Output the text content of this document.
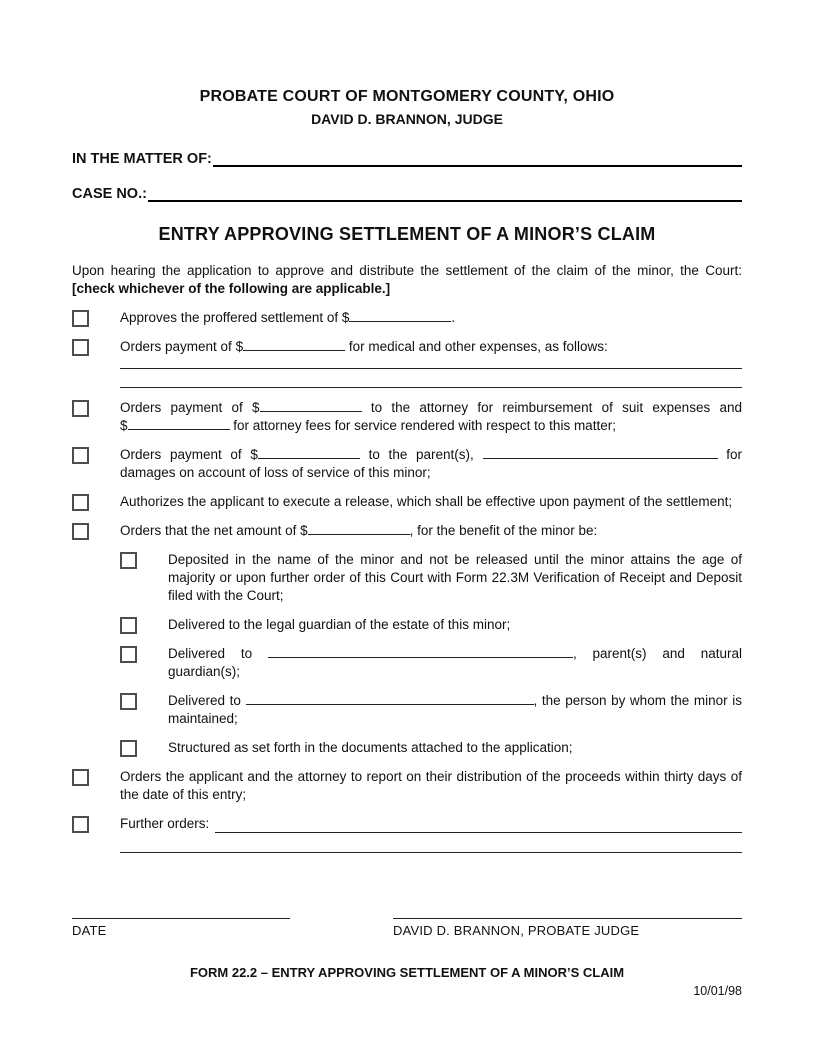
PROBATE COURT OF MONTGOMERY COUNTY, OHIO
DAVID D. BRANNON, JUDGE
IN THE MATTER OF:
CASE NO.:
ENTRY APPROVING SETTLEMENT OF A MINOR’S CLAIM

Upon hearing the application to approve and distribute the settlement of the claim of the minor, the Court: [check whichever of the following are applicable.]

Approves the proffered settlement of $	.
Orders payment of $	for medical and other expenses, as follows:
Orders payment of $	to the attorney for reimbursement of suit expenses and $	for attorney fees for service rendered with respect to this matter;
Orders payment of $	to the parent(s),	for damages on account of loss of service of this minor;
Authorizes the applicant to execute a release, which shall be effective upon payment of the settlement;
Orders that the net amount of $	, for the benefit of the minor be:
Deposited in the name of the minor and not be released until the minor attains the age of majority or upon further order of this Court with Form 22.3M Verification of Receipt and Deposit filed with the Court;
Delivered to the legal guardian of the estate of this minor;
Delivered to	, parent(s) and natural guardian(s);
Delivered to	, the person by whom the minor is maintained;
Structured as set forth in the documents attached to the application;
Orders the applicant and the attorney to report on their distribution of the proceeds within thirty days of the date of this entry;
Further orders:
DATE	DAVID D. BRANNON, PROBATE JUDGE
FORM 22.2 – ENTRY APPROVING SETTLEMENT OF A MINOR’S CLAIM
10/01/98
